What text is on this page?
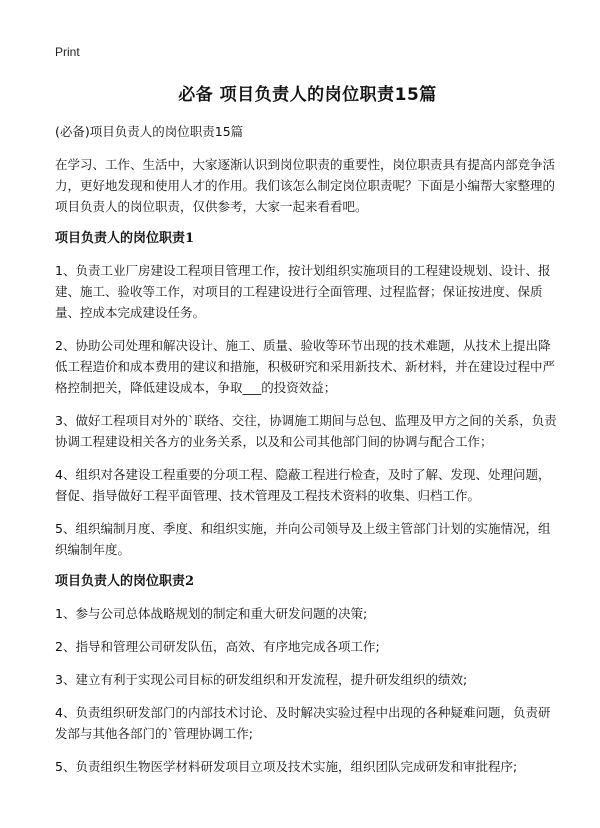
Print
必备 项目负责人的岗位职责15篇

(必备)项目负责人的岗位职责15篇

在学习、工作、生活中，大家逐渐认识到岗位职责的重要性，岗位职责具有提高内部竞争活力，更好地发现和使用人才的作用。我们该怎么制定岗位职责呢？下面是小编帮大家整理的项目负责人的岗位职责，仅供参考，大家一起来看看吧。

项目负责人的岗位职责1

1、负责工业厂房建设工程项目管理工作，按计划组织实施项目的工程建设规划、设计、报建、施工、验收等工作，对项目的工程建设进行全面管理、过程监督；保证按进度、保质量、控成本完成建设任务。

2、协助公司处理和解决设计、施工、质量、验收等环节出现的技术难题，从技术上提出降低工程造价和成本费用的建议和措施，积极研究和采用新技术、新材料，并在建设过程中严格控制把关，降低建设成本，争取___的投资效益；

3、做好工程项目对外的`联络、交往，协调施工期间与总包、监理及甲方之间的关系，负责协调工程建设相关各方的业务关系，以及和公司其他部门间的协调与配合工作；

4、组织对各建设工程重要的分项工程、隐蔽工程进行检查，及时了解、发现、处理问题，督促、指导做好工程平面管理、技术管理及工程技术资料的收集、归档工作。

5、组织编制月度、季度、和组织实施，并向公司领导及上级主管部门计划的实施情况，组织编制年度。

项目负责人的岗位职责2

1、参与公司总体战略规划的制定和重大研发问题的决策;

2、指导和管理公司研发队伍，高效、有序地完成各项工作;

3、建立有利于实现公司目标的研发组织和开发流程，提升研发组织的绩效;

4、负责组织研发部门的内部技术讨论、及时解决实验过程中出现的各种疑难问题，负责研发部与其他各部门的`管理协调工作;

5、负责组织生物医学材料研发项目立项及技术实施，组织团队完成研发和审批程序;
